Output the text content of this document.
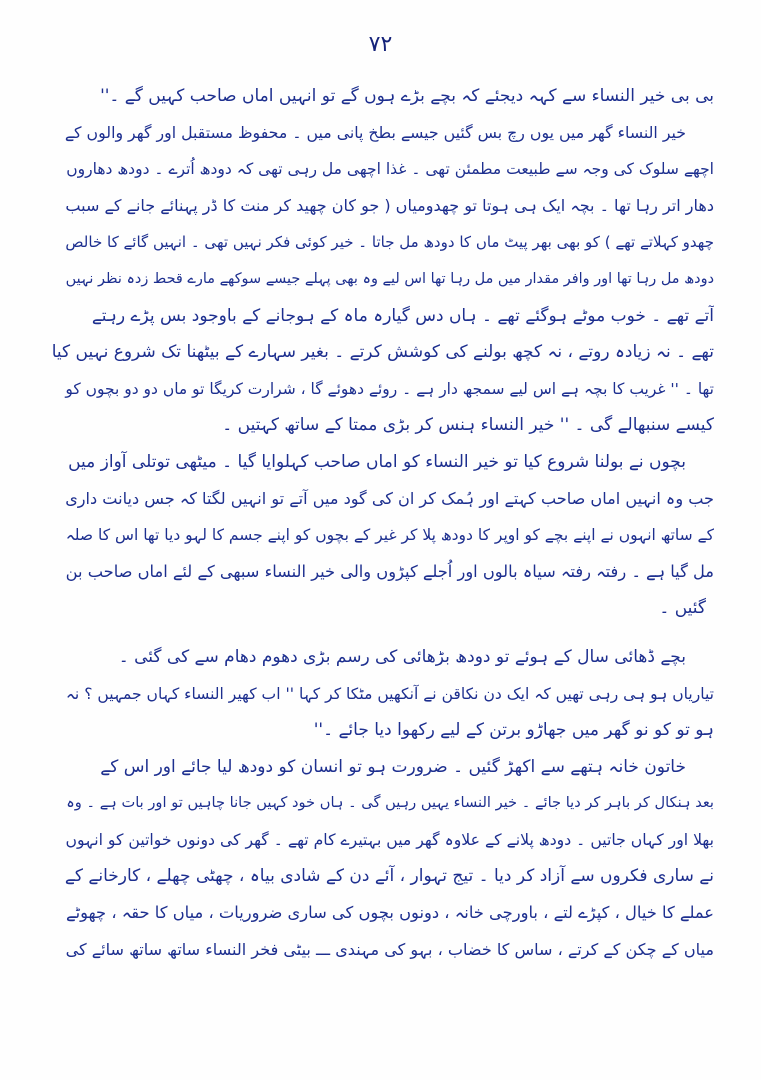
۷۲
بی بی خیر النساء سے کہہ دیجئے کہ بچے بڑے ہوں گے تو انہیں اماں صاحب کہیں گے ۔''
خیر النساء گھر میں یوں رچ بس گئیں جیسے بطخ پانی میں ۔ محفوظ مستقبل اور گھر والوں کے
اچھے سلوک کی وجہ سے طبیعت مطمئن تھی ۔ غذا اچھی مل رہی تھی کہ دودھ اُترے ۔ دودھ دھاروں
دھار اتر رہا تھا ۔ بچہ ایک ہی ہوتا تو چھدومیاں ( جو کان چھید کر منت کا ڈر پہنائے جانے کے سبب
چھدو کہلاتے تھے ) کو بھی بھر پیٹ ماں کا دودھ مل جاتا ۔ خیر کوئی فکر نہیں تھی ۔ انہیں گائے کا خالص
دودھ مل رہا تھا اور وافر مقدار میں مل رہا تھا اس لیے وہ بھی پہلے جیسے سوکھے مارے قحط زدہ نظر نہیں
آتے تھے ۔ خوب موٹے ہوگئے تھے ۔ ہاں دس گیارہ ماہ کے ہوجانے کے باوجود بس پڑے رہتے
تھے ۔ نہ زیادہ روتے ، نہ کچھ بولنے کی کوشش کرتے ۔ بغیر سہارے کے بیٹھنا تک شروع نہیں کیا
تھا ۔ '' غریب کا بچہ ہے اس لیے سمجھ دار ہے ۔ روئے دھوئے گا ، شرارت کریگا تو ماں دو دو بچوں کو
کیسے سنبھالے گی ۔ '' خیر النساء ہنس کر بڑی ممتا کے ساتھ کہتیں ۔
بچوں نے بولنا شروع کیا تو خیر النساء کو اماں صاحب کہلوایا گیا ۔ میٹھی توتلی آواز میں
جب وہ انہیں اماں صاحب کہتے اور ہُمک کر ان کی گود میں آتے تو انہیں لگتا کہ جس دیانت داری
کے ساتھ انہوں نے اپنے بچے کو اوپر کا دودھ پلا کر غیر کے بچوں کو اپنے جسم کا لہو دیا تھا اس کا صلہ
مل گیا ہے ۔ رفتہ رفتہ سیاہ بالوں اور اُجلے کپڑوں والی خیر النساء سبھی کے لئے اماں صاحب بن
گئیں ۔
بچے ڈھائی سال کے ہوئے تو دودھ بڑھائی کی رسم بڑی دھوم دھام سے کی گئی ۔
تیاریاں ہو ہی رہی تھیں کہ ایک دن نکاقن نے آنکھیں مٹکا کر کہا '' اب کھیر النساء کہاں جمہیں ؟ نہ
ہو تو کو نو گھر میں جھاڑو برتن کے لیے رکھوا دیا جائے ۔''
خاتون خانہ ہتھے سے اکھڑ گئیں ۔ ضرورت ہو تو انسان کو دودھ لیا جائے اور اس کے
بعد ہنکال کر باہر کر دیا جائے ۔ خیر النساء یہیں رہیں گی ۔ ہاں خود کہیں جانا چاہیں تو اور بات ہے ۔ وہ
بھلا اور کہاں جاتیں ۔ دودھ پلانے کے علاوہ گھر میں بہتیرے کام تھے ۔ گھر کی دونوں خواتین کو انہوں
نے ساری فکروں سے آزاد کر دیا ۔ تیج تہوار ، آئے دن کے شادی بیاہ ، چھٹی چھلے ، کارخانے کے
عملے کا خیال ، کپڑے لتے ، باورچی خانہ ، دونوں بچوں کی ساری ضروریات ، میاں کا حقہ ، چھوٹے
میاں کے چکن کے کرتے ، ساس کا خضاب ، بہو کی مہندی ـــ بیٹی فخر النساء ساتھ ساتھ سائے کی
